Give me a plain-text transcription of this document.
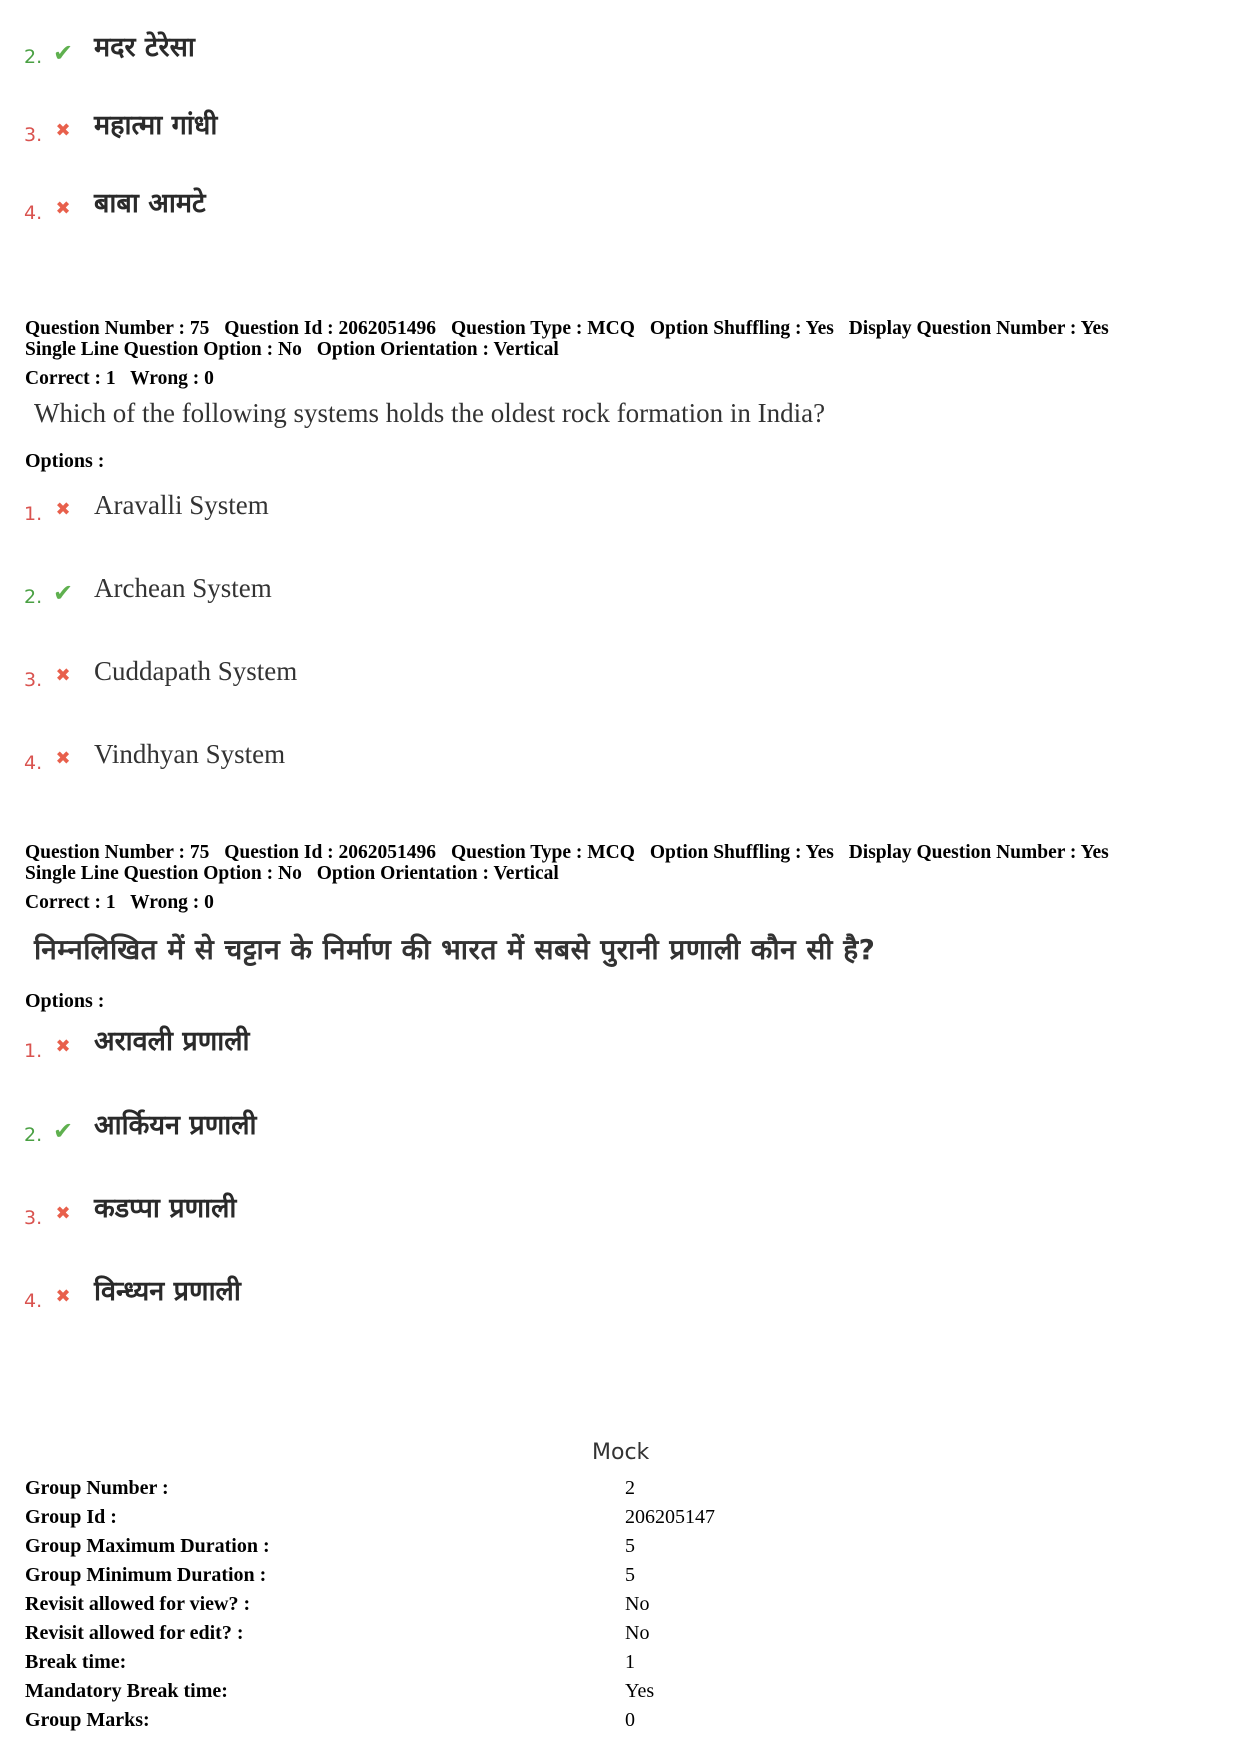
2. ✔ मदर टेरेसा
3. ✖ महात्मा गांधी
4. ✖ बाबा आमटे
Question Number : 75 Question Id : 2062051496 Question Type : MCQ Option Shuffling : Yes Display Question Number : Yes
Single Line Question Option : No Option Orientation : Vertical
Correct : 1 Wrong : 0
Which of the following systems holds the oldest rock formation in India?
Options :
1. ✖ Aravalli System
2. ✔ Archean System
3. ✖ Cuddapath System
4. ✖ Vindhyan System
Question Number : 75 Question Id : 2062051496 Question Type : MCQ Option Shuffling : Yes Display Question Number : Yes
Single Line Question Option : No Option Orientation : Vertical
Correct : 1 Wrong : 0
निम्नलिखित में से चट्टान के निर्माण की भारत में सबसे पुरानी प्रणाली कौन सी है?
Options :
1. ✖ अरावली प्रणाली
2. ✔ आर्कियन प्रणाली
3. ✖ कडप्पा प्रणाली
4. ✖ विन्ध्यन प्रणाली
Mock
Group Number :	2
Group Id :	206205147
Group Maximum Duration :	5
Group Minimum Duration :	5
Revisit allowed for view? :	No
Revisit allowed for edit? :	No
Break time:	1
Mandatory Break time:	Yes
Group Marks:	0
